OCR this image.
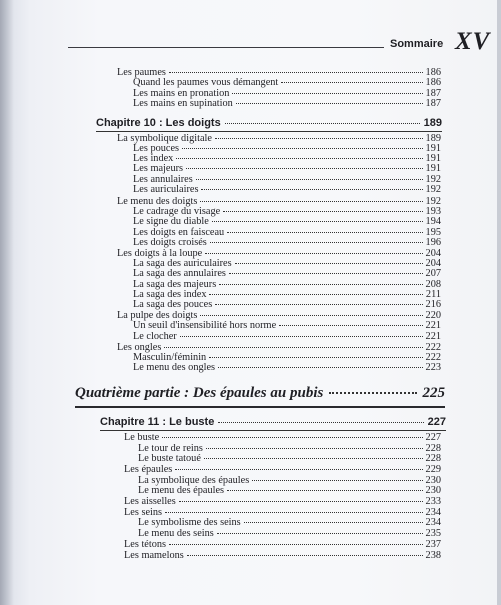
Sommaire XV
Les paumes	186
Quand les paumes vous démangent	186
Les mains en pronation	187
Les mains en supination	187
Chapitre 10 : Les doigts	189
La symbolique digitale	189
Les pouces	191
Les index	191
Les majeurs	191
Les annulaires	192
Les auriculaires	192
Le menu des doigts	192
Le cadrage du visage	193
Le signe du diable	194
Les doigts en faisceau	195
Les doigts croisés	196
Les doigts à la loupe	204
La saga des auriculaires	204
La saga des annulaires	207
La saga des majeurs	208
La saga des index	211
La saga des pouces	216
La pulpe des doigts	220
Un seuil d'insensibilité hors norme	221
Le clocher	221
Les ongles	222
Masculin/féminin	222
Le menu des ongles	223
Quatrième partie : Des épaules au pubis	225
Chapitre 11 : Le buste	227
Le buste	227
Le tour de reins	228
Le buste tatoué	228
Les épaules	229
La symbolique des épaules	230
Le menu des épaules	230
Les aisselles	233
Les seins	234
Le symbolisme des seins	234
Le menu des seins	235
Les tétons	237
Les mamelons	238
